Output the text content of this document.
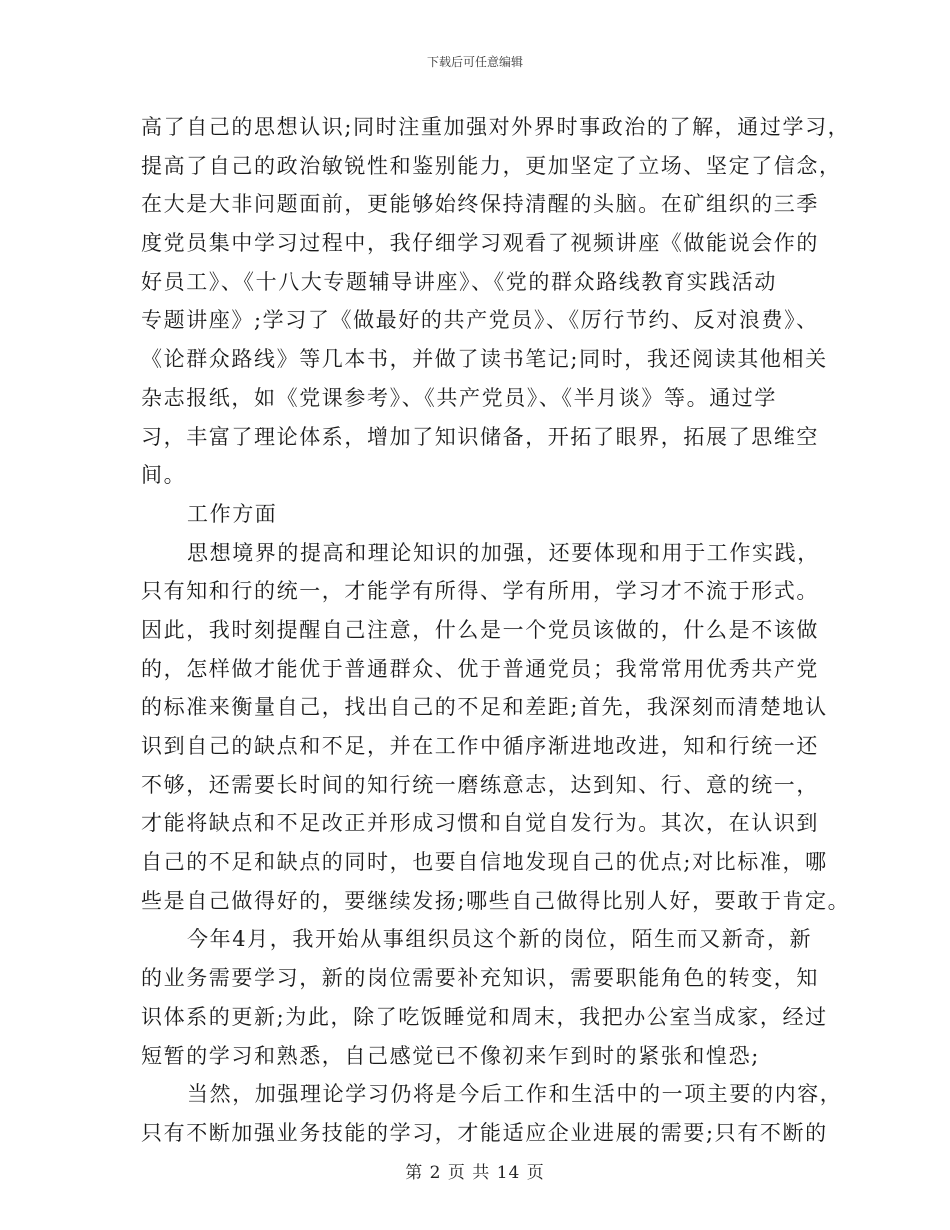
下载后可任意编辑
高了自己的思想认识;同时注重加强对外界时事政治的了解，通过学习，
提高了自己的政治敏锐性和鉴别能力，更加坚定了立场、坚定了信念，
在大是大非问题面前，更能够始终保持清醒的头脑。在矿组织的三季
度党员集中学习过程中，我仔细学习观看了视频讲座《做能说会作的
好员工》、《十八大专题辅导讲座》、《党的群众路线教育实践活动
专题讲座》;学习了《做最好的共产党员》、《厉行节约、反对浪费》、
《论群众路线》等几本书，并做了读书笔记;同时，我还阅读其他相关
杂志报纸，如《党课参考》、《共产党员》、《半月谈》等。通过学
习，丰富了理论体系，增加了知识储备，开拓了眼界，拓展了思维空
间。
工作方面
思想境界的提高和理论知识的加强，还要体现和用于工作实践，
只有知和行的统一，才能学有所得、学有所用，学习才不流于形式。
因此，我时刻提醒自己注意，什么是一个党员该做的，什么是不该做
的，怎样做才能优于普通群众、优于普通党员；我常常用优秀共产党
的标准来衡量自己，找出自己的不足和差距;首先，我深刻而清楚地认
识到自己的缺点和不足，并在工作中循序渐进地改进，知和行统一还
不够，还需要长时间的知行统一磨练意志，达到知、行、意的统一，
才能将缺点和不足改正并形成习惯和自觉自发行为。其次，在认识到
自己的不足和缺点的同时，也要自信地发现自己的优点;对比标准，哪
些是自己做得好的，要继续发扬;哪些自己做得比别人好，要敢于肯定。
今年4月，我开始从事组织员这个新的岗位，陌生而又新奇，新
的业务需要学习，新的岗位需要补充知识，需要职能角色的转变，知
识体系的更新;为此，除了吃饭睡觉和周末，我把办公室当成家，经过
短暂的学习和熟悉，自己感觉已不像初来乍到时的紧张和惶恐;
当然，加强理论学习仍将是今后工作和生活中的一项主要的内容，
只有不断加强业务技能的学习，才能适应企业进展的需要;只有不断的
第 2 页 共 14 页
